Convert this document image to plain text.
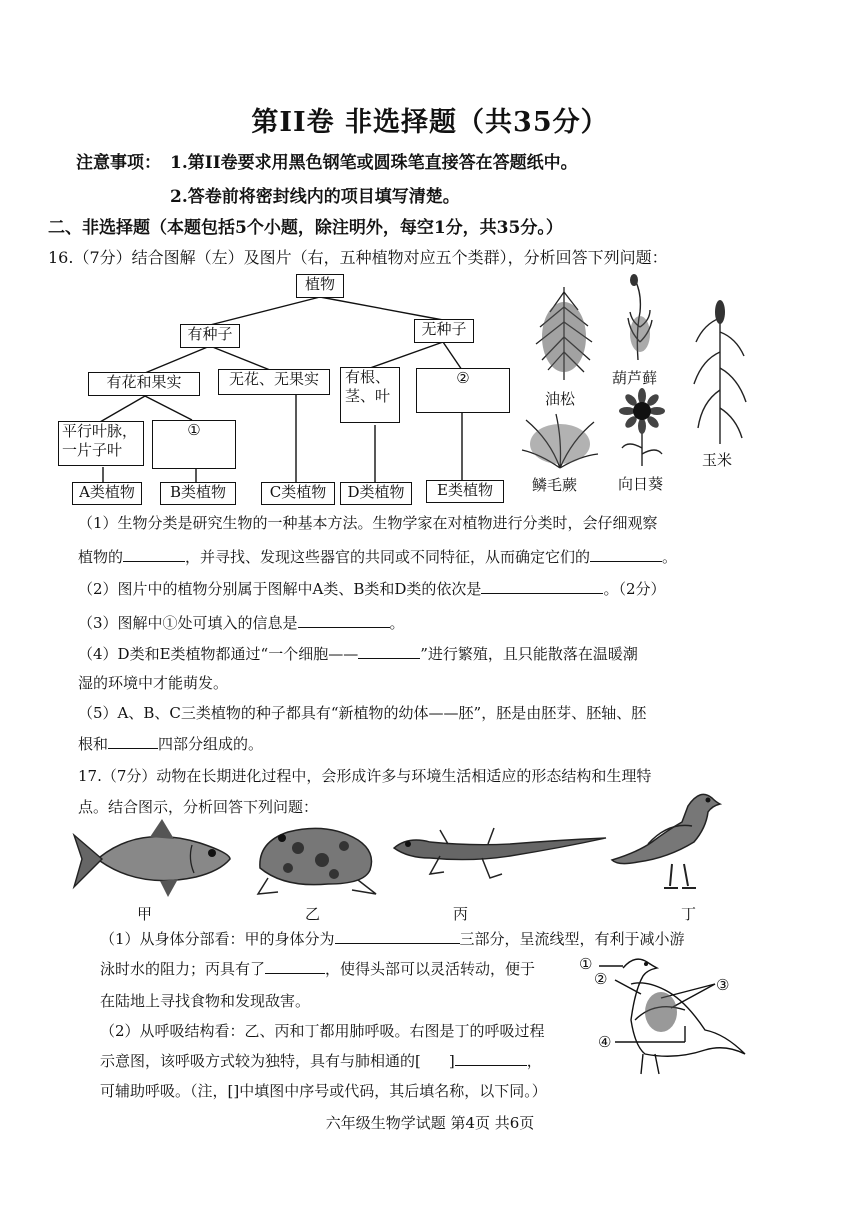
第II卷 非选择题（共35分）
注意事项： 1.第II卷要求用黑色钢笔或圆珠笔直接答在答题纸中。
2.答卷前将密封线内的项目填写清楚。
二、非选择题（本题包括5个小题，除注明外，每空1分，共35分。）
16.（7分）结合图解（左）及图片（右，五种植物对应五个类群），分析回答下列问题：
植物
有种子	无种子
有花和果实	无花、无果实	有根、
茎、叶
②
平行叶脉，
一片子叶
①
A类植物	B类植物	C类植物	D类植物	E类植物
油松
葫芦藓
玉米
鳞毛蕨	向日葵
（1）生物分类是研究生物的一种基本方法。生物学家在对植物进行分类时，会仔细观察
植物的	，并寻找、发现这些器官的共同或不同特征，从而确定它们的	。
（2）图片中的植物分别属于图解中A类、B类和D类的依次是	。（2分）
（3）图解中①处可填入的信息是	。
（4）D类和E类植物都通过“一个细胞——	”进行繁殖，且只能散落在温暖潮
湿的环境中才能萌发。
（5）A、B、C三类植物的种子都具有“新植物的幼体——胚”，胚是由胚芽、胚轴、胚
根和	四部分组成的。
17.（7分）动物在长期进化过程中，会形成许多与环境生活相适应的形态结构和生理特
点。结合图示，分析回答下列问题：
甲	乙	丙	丁
（1）从身体分部看：甲的身体分为	三部分，呈流线型，有利于减小游
泳时水的阻力；丙具有了	，使得头部可以灵活转动，便于
在陆地上寻找食物和发现敌害。
（2）从呼吸结构看：乙、丙和丁都用肺呼吸。右图是丁的呼吸过程
示意图，该呼吸方式较为独特，具有与肺相通的[ ]	，
可辅助呼吸。（注，[]中填图中序号或代码，其后填名称，以下同。）
①
②	③
④
六年级生物学试题 第4页 共6页
